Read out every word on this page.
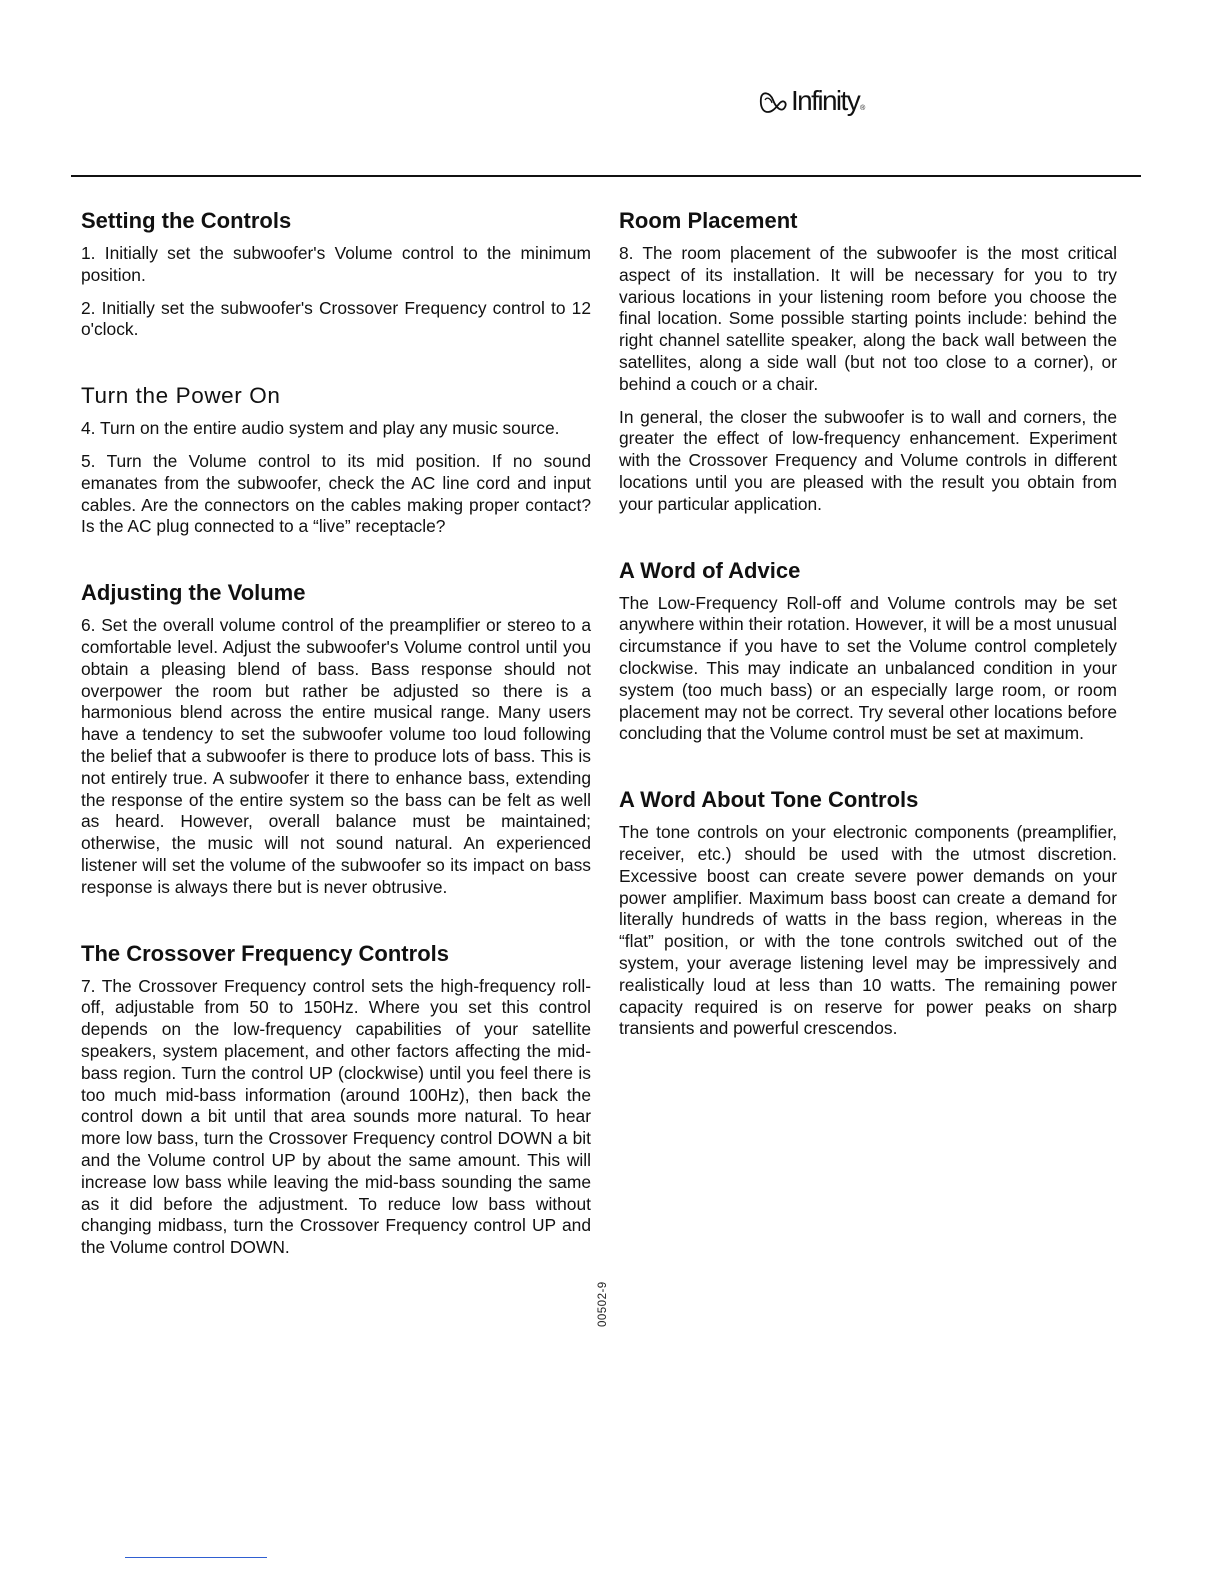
Infinity ®
Setting the Controls

1. Initially set the subwoofer's Volume control to the minimum position.

2. Initially set the subwoofer's Crossover Frequency control to 12 o'clock.

Turn the Power On

4. Turn on the entire audio system and play any music source.

5. Turn the Volume control to its mid position. If no sound emanates from the subwoofer, check the AC line cord and input cables. Are the connectors on the cables making proper contact? Is the AC plug connected to a “live” receptacle?

Adjusting the Volume

6. Set the overall volume control of the preamplifier or stereo to a comfortable level. Adjust the subwoofer's Volume control until you obtain a pleasing blend of bass. Bass response should not overpower the room but rather be adjusted so there is a harmonious blend across the entire musical range. Many users have a tendency to set the subwoofer volume too loud following the belief that a subwoofer is there to produce lots of bass. This is not entirely true. A subwoofer it there to enhance bass, extending the response of the entire system so the bass can be felt as well as heard. However, overall balance must be maintained; otherwise, the music will not sound natural. An experienced listener will set the volume of the subwoofer so its impact on bass response is always there but is never obtrusive.

The Crossover Frequency Controls

7. The Crossover Frequency control sets the high-frequency roll-off, adjustable from 50 to 150Hz. Where you set this control depends on the low-frequency capabilities of your satellite speakers, system placement, and other factors affecting the mid-bass region. Turn the control UP (clockwise) until you feel there is too much mid-bass information (around 100Hz), then back the control down a bit until that area sounds more natural. To hear more low bass, turn the Crossover Frequency control DOWN a bit and the Volume control UP by about the same amount. This will increase low bass while leaving the mid-bass sounding the same as it did before the adjustment. To reduce low bass without changing midbass, turn the Crossover Frequency control UP and the Volume control DOWN.

Room Placement

8. The room placement of the subwoofer is the most critical aspect of its installation. It will be necessary for you to try various locations in your listening room before you choose the final location. Some possible starting points include: behind the right channel satellite speaker, along the back wall between the satellites, along a side wall (but not too close to a corner), or behind a couch or a chair.

In general, the closer the subwoofer is to wall and corners, the greater the effect of low-frequency enhancement. Experiment with the Crossover Frequency and Volume controls in different locations until you are pleased with the result you obtain from your particular application.

A Word of Advice

The Low-Frequency Roll-off and Volume controls may be set anywhere within their rotation. However, it will be a most unusual circumstance if you have to set the Volume control completely clockwise. This may indicate an unbalanced condition in your system (too much bass) or an especially large room, or room placement may not be correct. Try several other locations before concluding that the Volume control must be set at maximum.

A Word About Tone Controls

The tone controls on your electronic components (preamplifier, receiver, etc.) should be used with the utmost discretion. Excessive boost can create severe power demands on your power amplifier. Maximum bass boost can create a demand for literally hundreds of watts in the bass region, whereas in the “flat” position, or with the tone controls switched out of the system, your average listening level may be impressively and realistically loud at less than 10 watts. The remaining power capacity required is on reserve for power peaks on sharp transients and powerful crescendos.

00502-9
